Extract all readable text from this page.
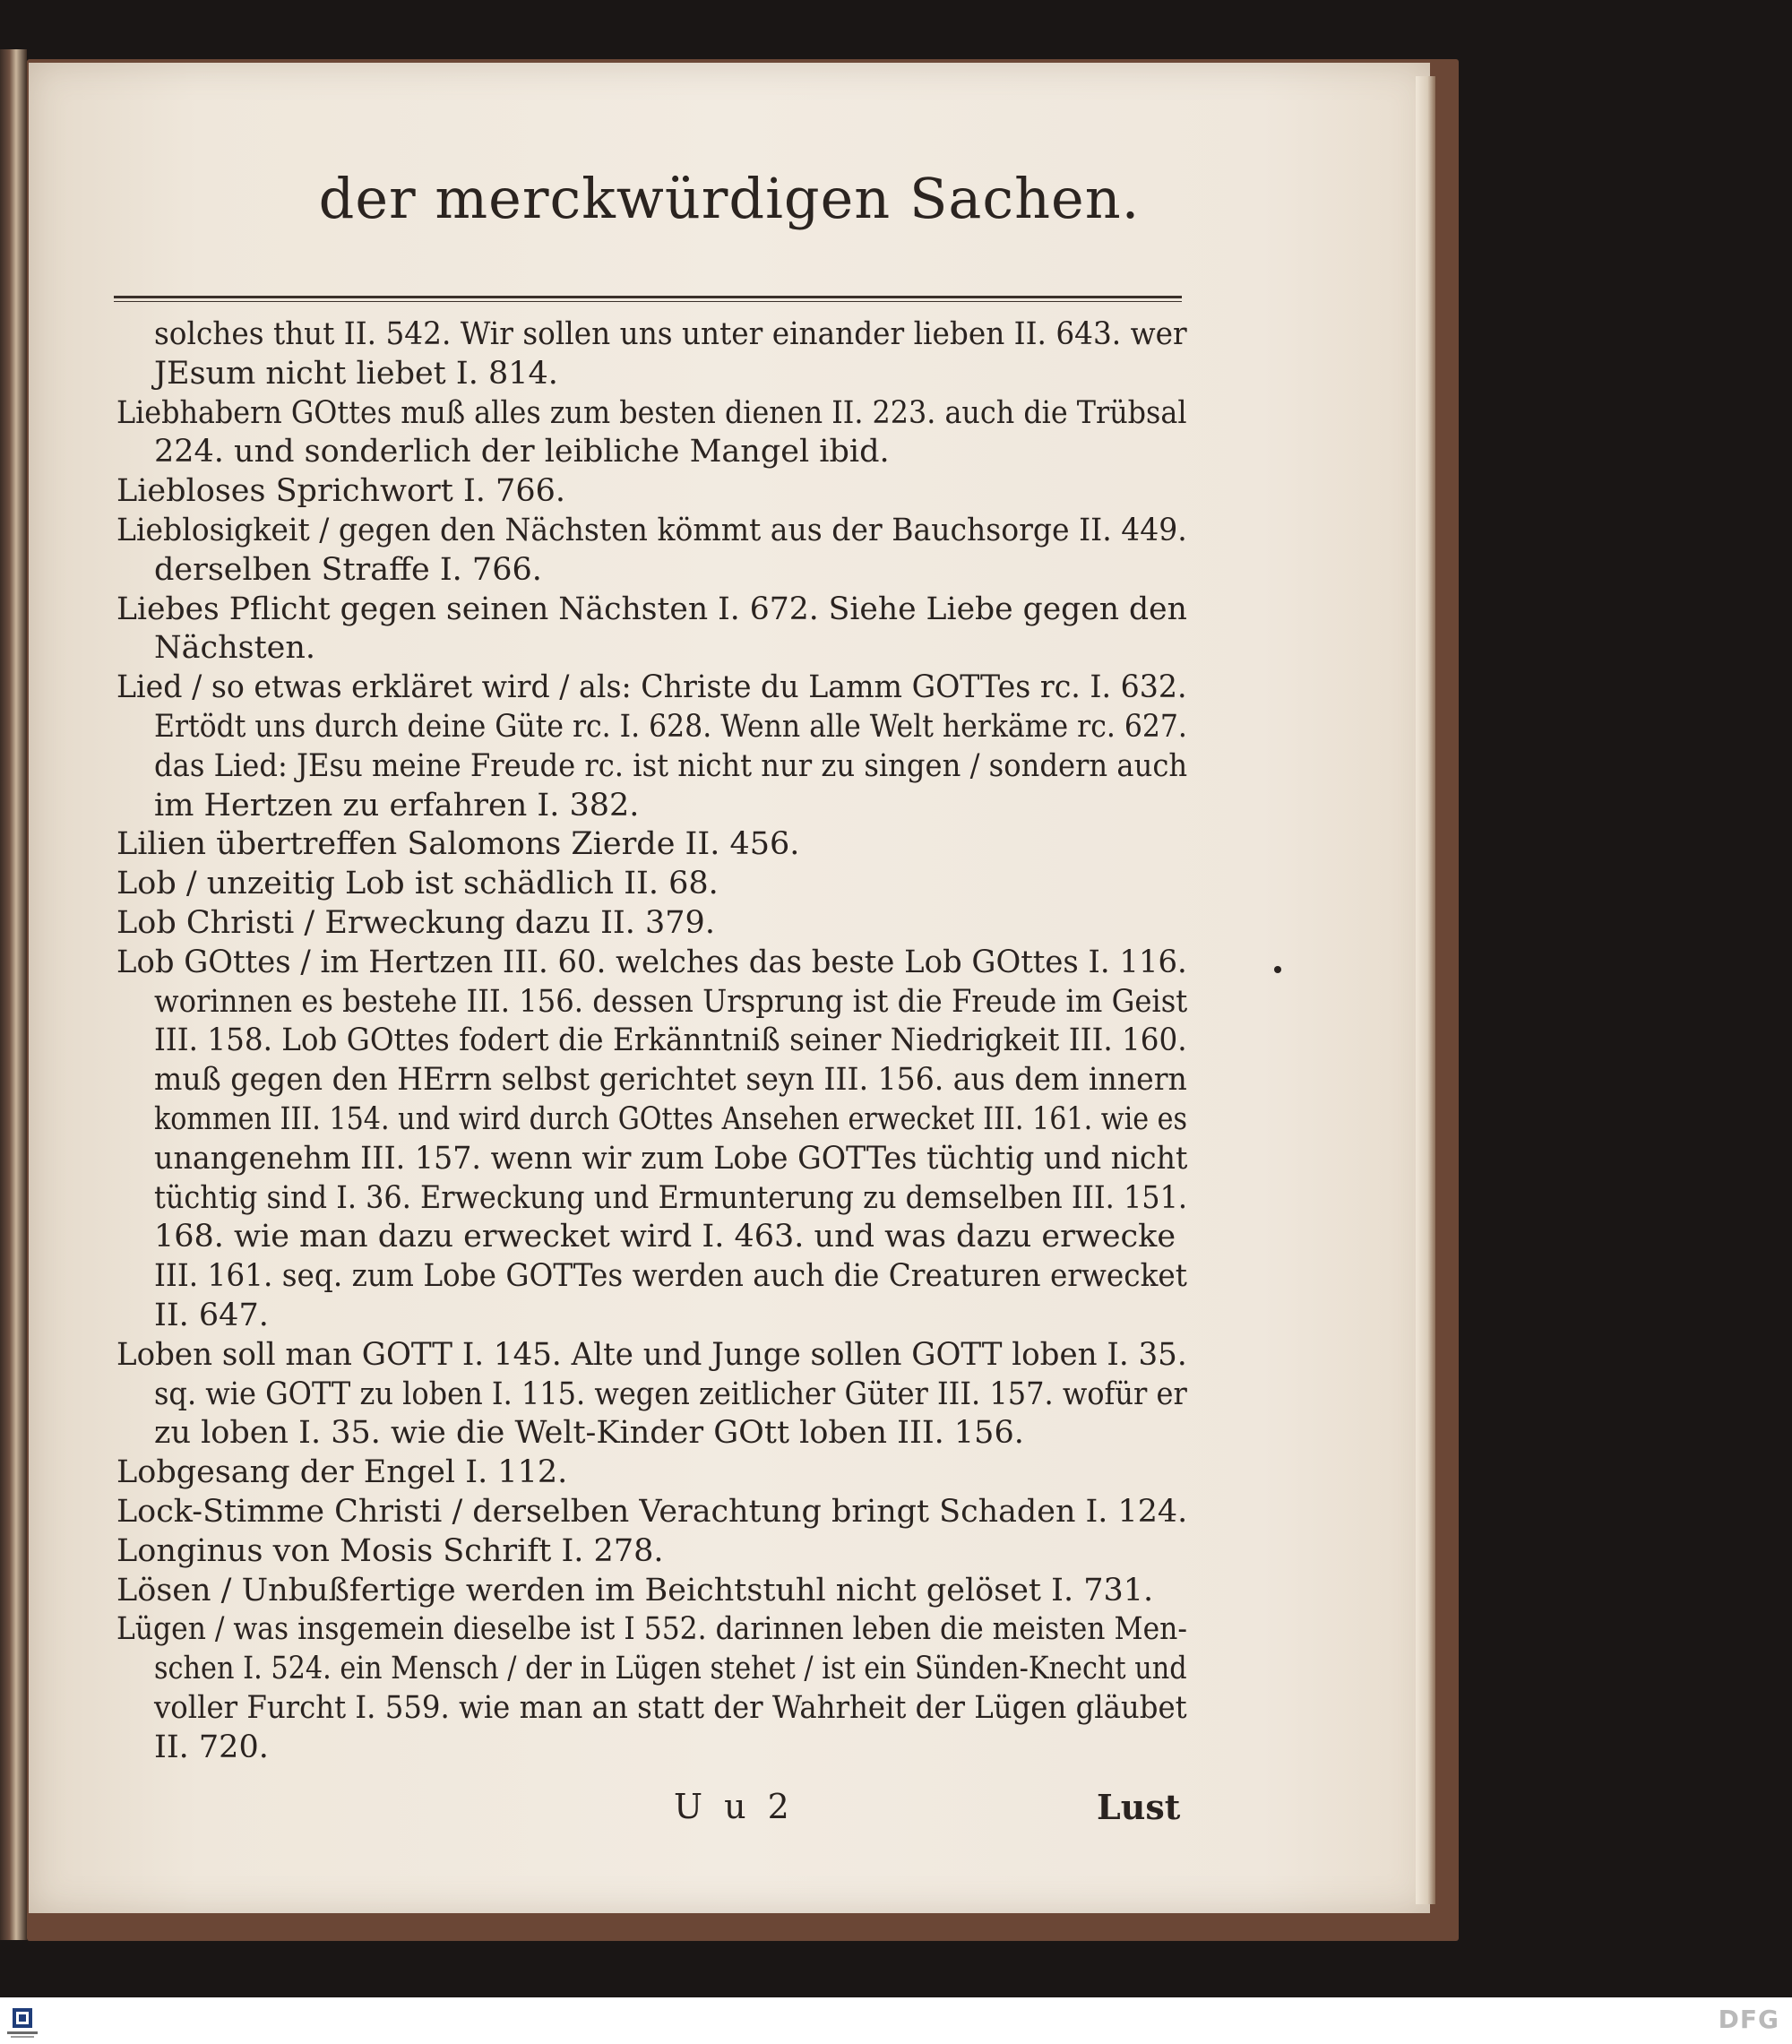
der merckwürdigen Sachen.
solches thut II. 542. Wir sollen uns unter einander lieben II. 643. wer
JEsum nicht liebet I. 814.
Liebhabern GOttes muß alles zum besten dienen II. 223. auch die Trübsal
224. und sonderlich der leibliche Mangel ibid.
Liebloses Sprichwort I. 766.
Lieblosigkeit / gegen den Nächsten kömmt aus der Bauchsorge II. 449.
derselben Straffe I. 766.
Liebes Pflicht gegen seinen Nächsten I. 672. Siehe Liebe gegen den
Nächsten.
Lied / so etwas erkläret wird / als: Christe du Lamm GOTTes rc. I. 632.
Ertödt uns durch deine Güte rc. I. 628. Wenn alle Welt herkäme rc. 627.
das Lied: JEsu meine Freude rc. ist nicht nur zu singen / sondern auch
im Hertzen zu erfahren I. 382.
Lilien übertreffen Salomons Zierde II. 456.
Lob / unzeitig Lob ist schädlich II. 68.
Lob Christi / Erweckung dazu II. 379.
Lob GOttes / im Hertzen III. 60. welches das beste Lob GOttes I. 116.
worinnen es bestehe III. 156. dessen Ursprung ist die Freude im Geist
III. 158. Lob GOttes fodert die Erkänntniß seiner Niedrigkeit III. 160.
muß gegen den HErrn selbst gerichtet seyn III. 156. aus dem innern
kommen III. 154. und wird durch GOttes Ansehen erwecket III. 161. wie es
unangenehm III. 157. wenn wir zum Lobe GOTTes tüchtig und nicht
tüchtig sind I. 36. Erweckung und Ermunterung zu demselben III. 151.
168. wie man dazu erwecket wird I. 463. und was dazu erwecke
III. 161. seq. zum Lobe GOTTes werden auch die Creaturen erwecket
II. 647.
Loben soll man GOTT I. 145. Alte und Junge sollen GOTT loben I. 35.
sq. wie GOTT zu loben I. 115. wegen zeitlicher Güter III. 157. wofür er
zu loben I. 35. wie die Welt-Kinder GOtt loben III. 156.
Lobgesang der Engel I. 112.
Lock-Stimme Christi / derselben Verachtung bringt Schaden I. 124.
Longinus von Mosis Schrift I. 278.
Lösen / Unbußfertige werden im Beichtstuhl nicht gelöset I. 731.
Lügen / was insgemein dieselbe ist I 552. darinnen leben die meisten Men-
schen I. 524. ein Mensch / der in Lügen stehet / ist ein Sünden-Knecht und
voller Furcht I. 559. wie man an statt der Wahrheit der Lügen gläubet
II. 720.
U u 2	Lust
DFG
